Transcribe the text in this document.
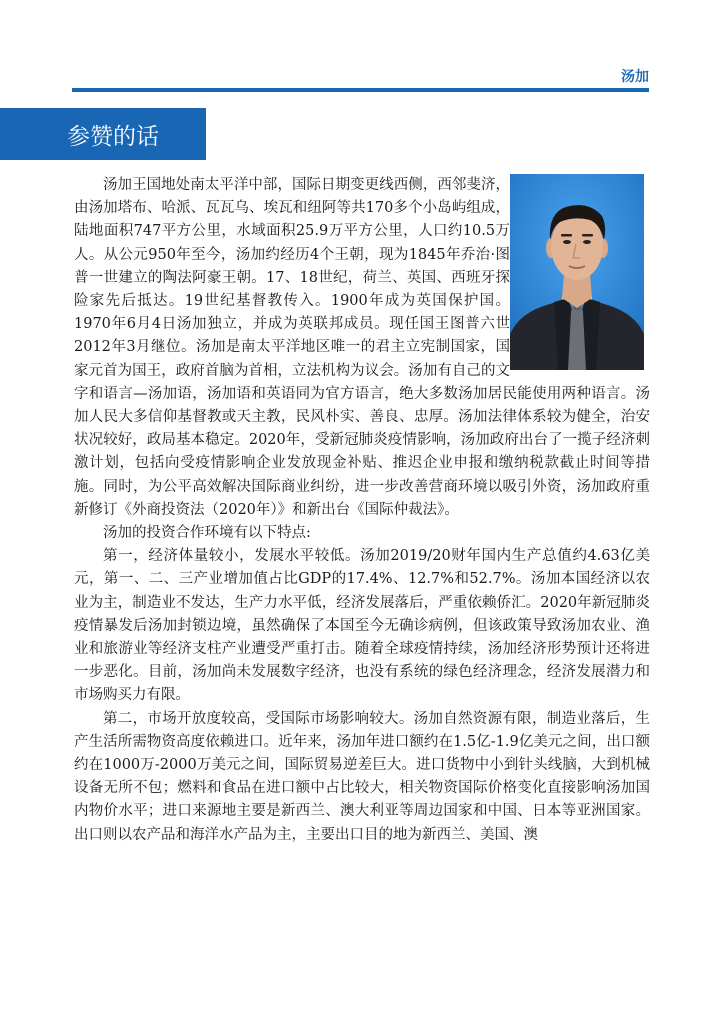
汤加
参赞的话

汤加王国地处南太平洋中部，国际日期变更线西侧，西邻斐济，由汤加塔布、哈派、瓦瓦乌、埃瓦和纽阿等共170多个小岛屿组成，陆地面积747平方公里，水域面积25.9万平方公里，人口约10.5万人。从公元950年至今，汤加约经历4个王朝，现为1845年乔治·图普一世建立的陶法阿豪王朝。17、18世纪，荷兰、英国、西班牙探险家先后抵达。19世纪基督教传入。1900年成为英国保护国。1970年6月4日汤加独立，并成为英联邦成员。现任国王图普六世2012年3月继位。汤加是南太平洋地区唯一的君主立宪制国家，国家元首为国王，政府首脑为首相，立法机构为议会。汤加有自己的文字和语言—汤加语，汤加语和英语同为官方语言，绝大多数汤加居民能使用两种语言。汤加人民大多信仰基督教或天主教，民风朴实、善良、忠厚。汤加法律体系较为健全，治安状况较好，政局基本稳定。2020年，受新冠肺炎疫情影响，汤加政府出台了一揽子经济刺激计划，包括向受疫情影响企业发放现金补贴、推迟企业申报和缴纳税款截止时间等措施。同时，为公平高效解决国际商业纠纷，进一步改善营商环境以吸引外资，汤加政府重新修订《外商投资法（2020年）》和新出台《国际仲裁法》。

汤加的投资合作环境有以下特点:

第一，经济体量较小，发展水平较低。汤加2019/20财年国内生产总值约4.63亿美元，第一、二、三产业增加值占比GDP的17.4%、12.7%和52.7%。汤加本国经济以农业为主，制造业不发达，生产力水平低，经济发展落后，严重依赖侨汇。2020年新冠肺炎疫情暴发后汤加封锁边境，虽然确保了本国至今无确诊病例，但该政策导致汤加农业、渔业和旅游业等经济支柱产业遭受严重打击。随着全球疫情持续，汤加经济形势预计还将进一步恶化。目前，汤加尚未发展数字经济，也没有系统的绿色经济理念，经济发展潜力和市场购买力有限。

第二，市场开放度较高，受国际市场影响较大。汤加自然资源有限，制造业落后，生产生活所需物资高度依赖进口。近年来，汤加年进口额约在1.5亿-1.9亿美元之间，出口额约在1000万-2000万美元之间，国际贸易逆差巨大。进口货物中小到针头线脑，大到机械设备无所不包；燃料和食品在进口额中占比较大，相关物资国际价格变化直接影响汤加国内物价水平；进口来源地主要是新西兰、澳大利亚等周边国家和中国、日本等亚洲国家。出口则以农产品和海洋水产品为主，主要出口目的地为新西兰、美国、澳
